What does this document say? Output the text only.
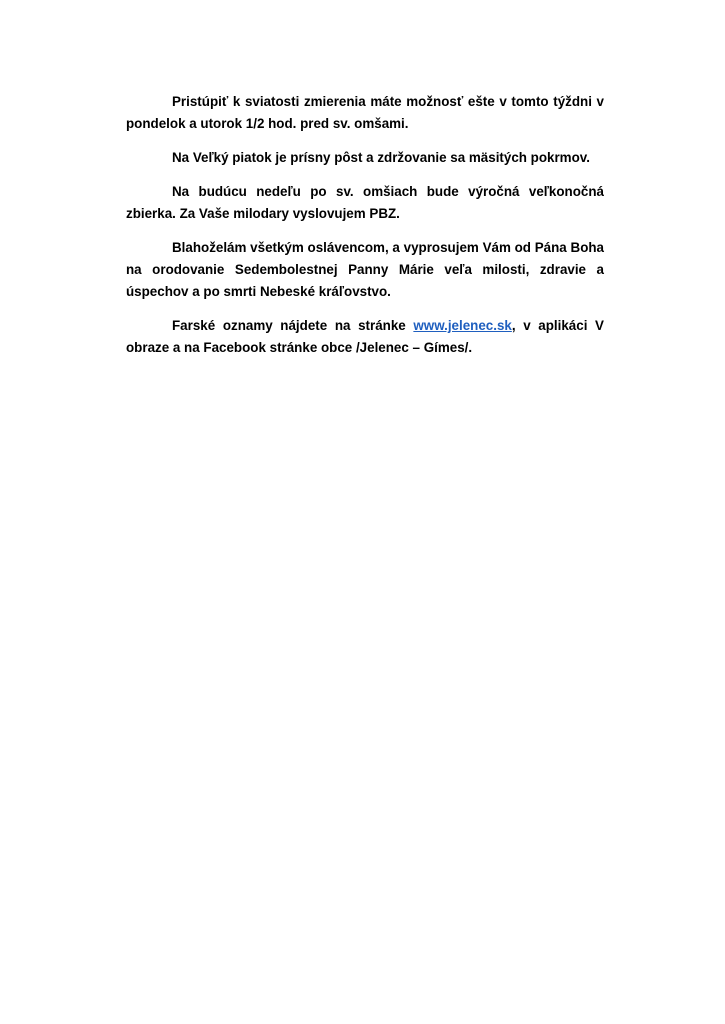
Pristúpiť k sviatosti zmierenia máte možnosť ešte v tomto týždni v pondelok a utorok 1/2 hod. pred sv. omšami.

Na Veľký piatok je prísny pôst a zdržovanie sa mäsitých pokrmov.

Na budúcu nedeľu po sv. omšiach bude výročná veľkonočná zbierka. Za Vaše milodary vyslovujem PBZ.

Blahoželám všetkým oslávencom, a vyprosujem Vám od Pána Boha na orodovanie Sedembolestnej Panny Márie veľa milosti, zdravie a úspechov a po smrti Nebeské kráľovstvo.

Farské oznamy nájdete na stránke www.jelenec.sk, v aplikáci V obraze a na Facebook stránke obce /Jelenec – Gímes/.
